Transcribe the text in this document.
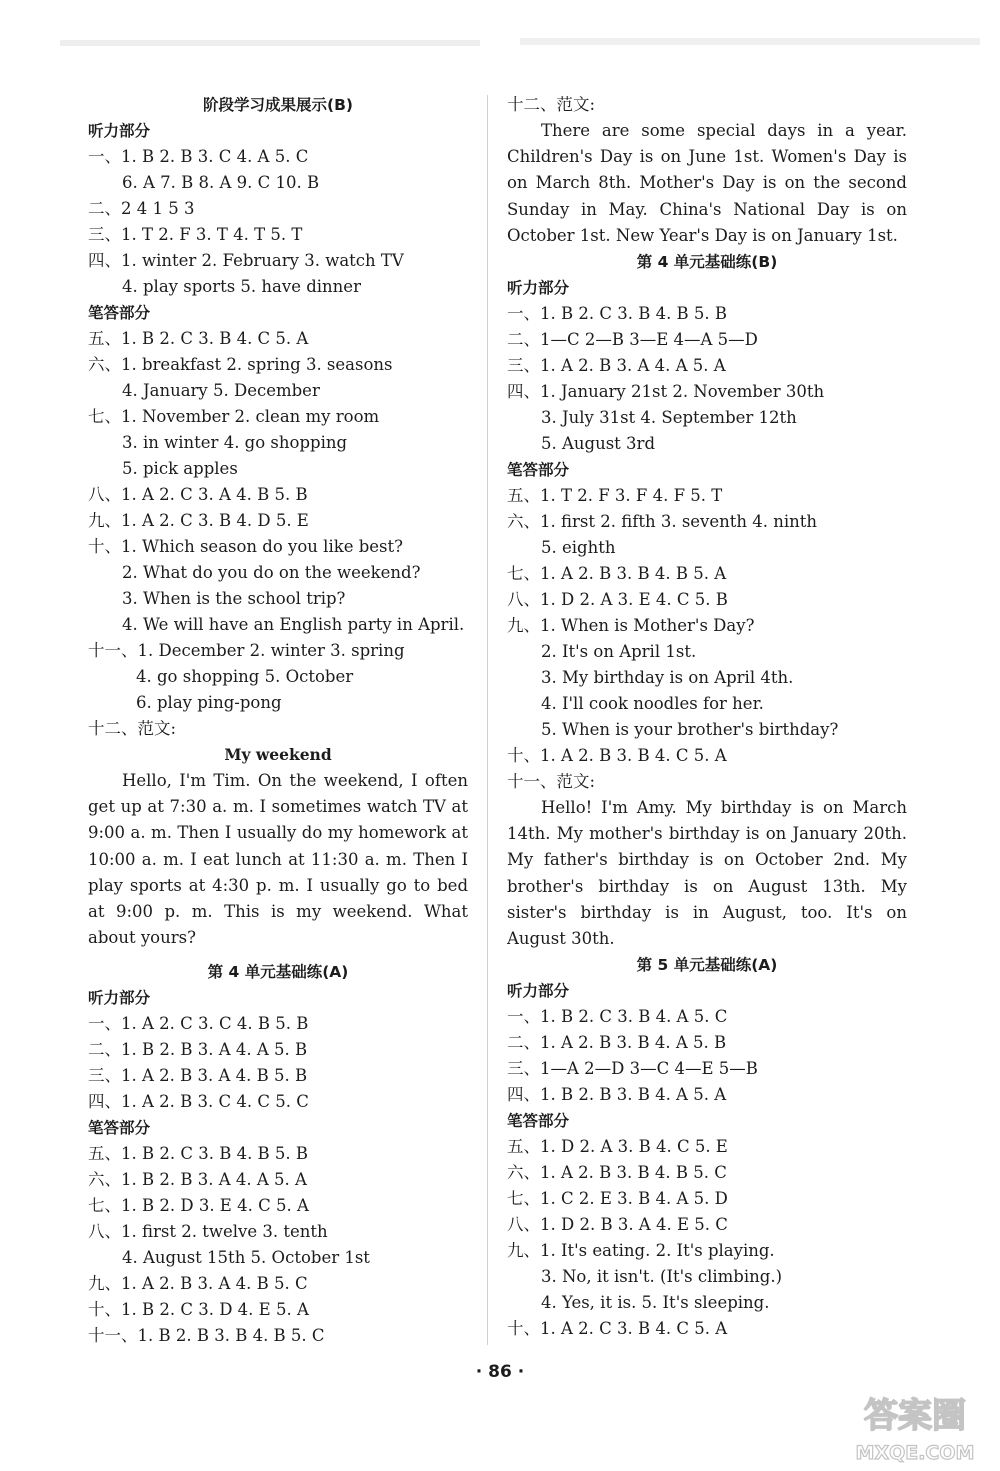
阶段学习成果展示(B)
听力部分
一、1. B 2. B 3. C 4. A 5. C
6. A 7. B 8. A 9. C 10. B
二、2 4 1 5 3
三、1. T 2. F 3. T 4. T 5. T
四、1. winter 2. February 3. watch TV
4. play sports 5. have dinner
笔答部分
五、1. B 2. C 3. B 4. C 5. A
六、1. breakfast 2. spring 3. seasons
4. January 5. December
七、1. November 2. clean my room
3. in winter 4. go shopping
5. pick apples
八、1. A 2. C 3. A 4. B 5. B
九、1. A 2. C 3. B 4. D 5. E
十、1. Which season do you like best?
2. What do you do on the weekend?
3. When is the school trip?
4. We will have an English party in April.
十一、1. December 2. winter 3. spring
4. go shopping 5. October
6. play ping-pong
十二、范文:
My weekend
Hello, I'm Tim. On the weekend, I often get up at 7:30 a. m. I sometimes watch TV at 9:00 a. m. Then I usually do my homework at 10:00 a. m. I eat lunch at 11:30 a. m. Then I play sports at 4:30 p. m. I usually go to bed at 9:00 p. m. This is my weekend. What about yours?
第 4 单元基础练(A)
听力部分
一、1. A 2. C 3. C 4. B 5. B
二、1. B 2. B 3. A 4. A 5. B
三、1. A 2. B 3. A 4. B 5. B
四、1. A 2. B 3. C 4. C 5. C
笔答部分
五、1. B 2. C 3. B 4. B 5. B
六、1. B 2. B 3. A 4. A 5. A
七、1. B 2. D 3. E 4. C 5. A
八、1. first 2. twelve 3. tenth
4. August 15th 5. October 1st
九、1. A 2. B 3. A 4. B 5. C
十、1. B 2. C 3. D 4. E 5. A
十一、1. B 2. B 3. B 4. B 5. C
十二、范文:
There are some special days in a year. Children's Day is on June 1st. Women's Day is on March 8th. Mother's Day is on the second Sunday in May. China's National Day is on October 1st. New Year's Day is on January 1st.
第 4 单元基础练(B)
听力部分
一、1. B 2. C 3. B 4. B 5. B
二、1—C 2—B 3—E 4—A 5—D
三、1. A 2. B 3. A 4. A 5. A
四、1. January 21st 2. November 30th
3. July 31st 4. September 12th
5. August 3rd
笔答部分
五、1. T 2. F 3. F 4. F 5. T
六、1. first 2. fifth 3. seventh 4. ninth
5. eighth
七、1. A 2. B 3. B 4. B 5. A
八、1. D 2. A 3. E 4. C 5. B
九、1. When is Mother's Day?
2. It's on April 1st.
3. My birthday is on April 4th.
4. I'll cook noodles for her.
5. When is your brother's birthday?
十、1. A 2. B 3. B 4. C 5. A
十一、范文:
Hello! I'm Amy. My birthday is on March 14th. My mother's birthday is on January 20th. My father's birthday is on October 2nd. My brother's birthday is on August 13th. My sister's birthday is in August, too. It's on August 30th.
第 5 单元基础练(A)
听力部分
一、1. B 2. C 3. B 4. A 5. C
二、1. A 2. B 3. B 4. A 5. B
三、1—A 2—D 3—C 4—E 5—B
四、1. B 2. B 3. B 4. A 5. A
笔答部分
五、1. D 2. A 3. B 4. C 5. E
六、1. A 2. B 3. B 4. B 5. C
七、1. C 2. E 3. B 4. A 5. D
八、1. D 2. B 3. A 4. E 5. C
九、1. It's eating. 2. It's playing.
3. No, it isn't. (It's climbing.)
4. Yes, it is. 5. It's sleeping.
十、1. A 2. C 3. B 4. C 5. A
· 86 ·
答案圈
MXQE.COM
